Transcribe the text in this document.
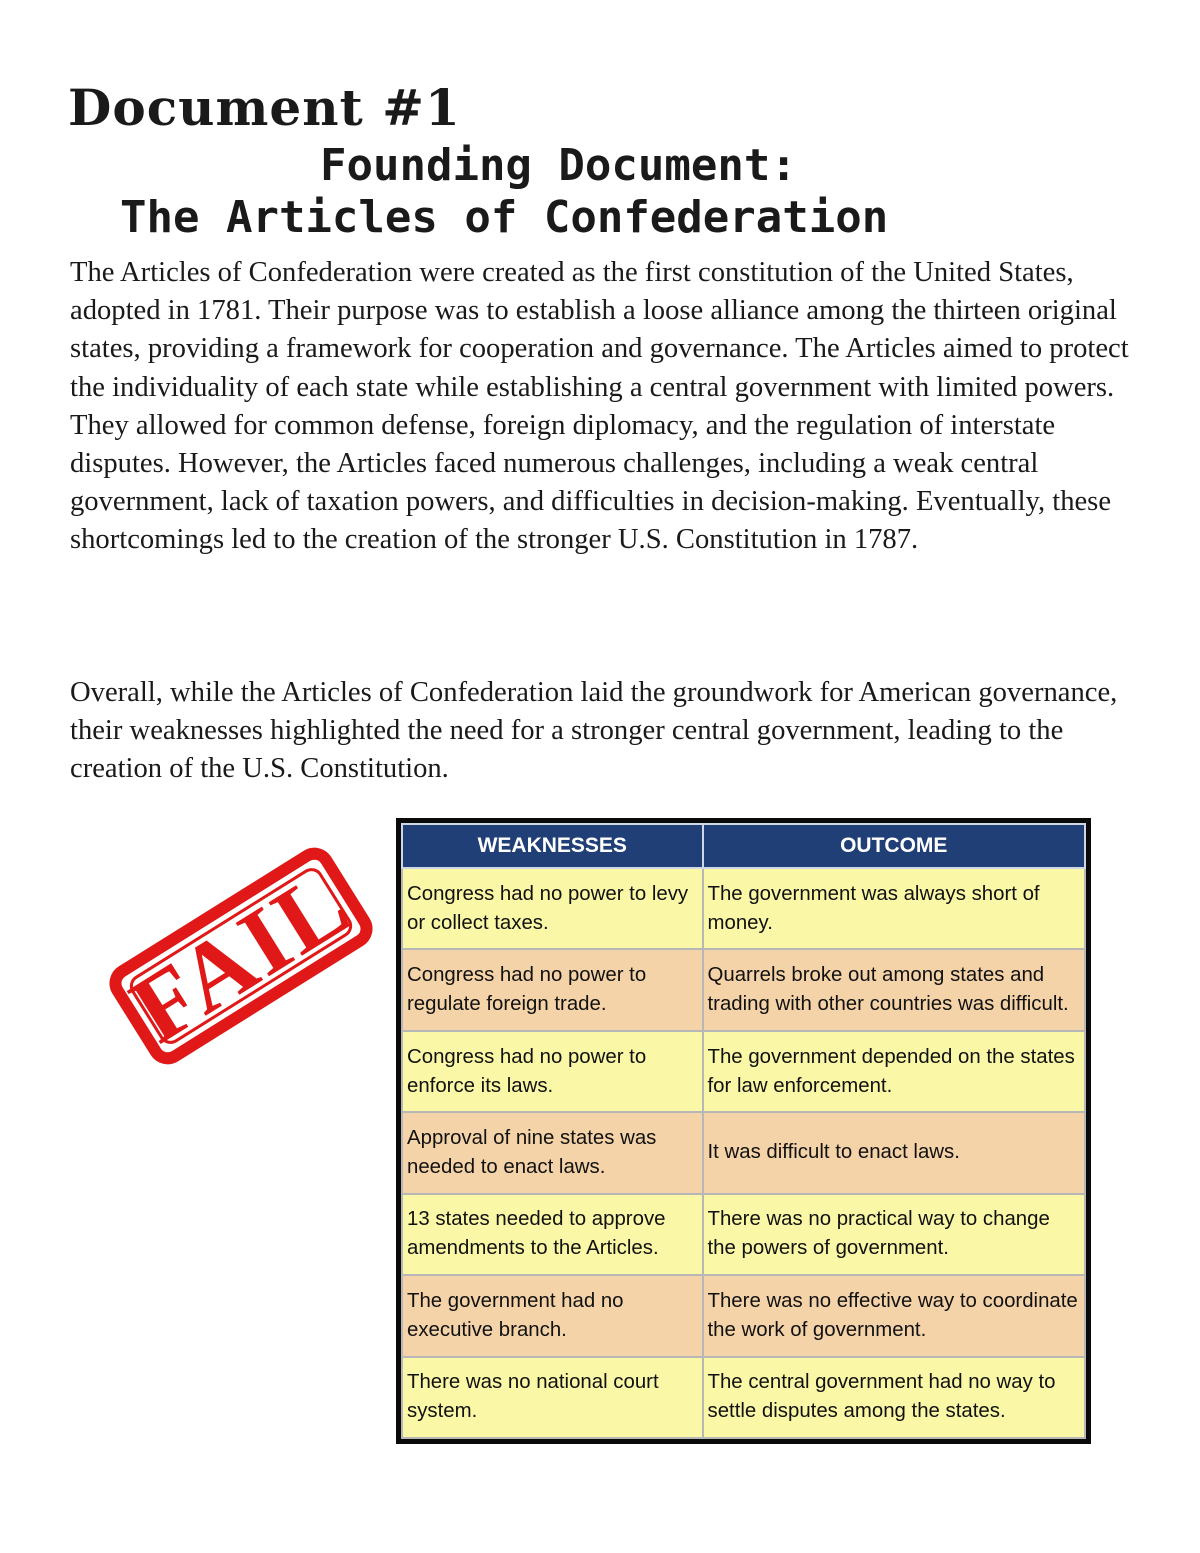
Document #1
Founding Document:
The Articles of Confederation

The Articles of Confederation were created as the first constitution of the United States, adopted in 1781. Their purpose was to establish a loose alliance among the thirteen original states, providing a framework for cooperation and governance. The Articles aimed to protect the individuality of each state while establishing a central government with limited powers. They allowed for common defense, foreign diplomacy, and the regulation of interstate disputes. However, the Articles faced numerous challenges, including a weak central government, lack of taxation powers, and difficulties in decision-making. Eventually, these shortcomings led to the creation of the stronger U.S. Constitution in 1787.

Overall, while the Articles of Confederation laid the groundwork for American governance, their weaknesses highlighted the need for a stronger central government, leading to the creation of the U.S. Constitution.

FAIL
WEAKNESSES	OUTCOME
Congress had no power to levy or collect taxes.	The government was always short of money.
Congress had no power to regulate foreign trade.	Quarrels broke out among states and trading with other countries was difficult.
Congress had no power to enforce its laws.	The government depended on the states for law enforcement.
Approval of nine states was needed to enact laws.	It was difficult to enact laws.
13 states needed to approve amendments to the Articles.	There was no practical way to change the powers of government.
The government had no executive branch.	There was no effective way to coordinate the work of government.
There was no national court system.	The central government had no way to settle disputes among the states.
